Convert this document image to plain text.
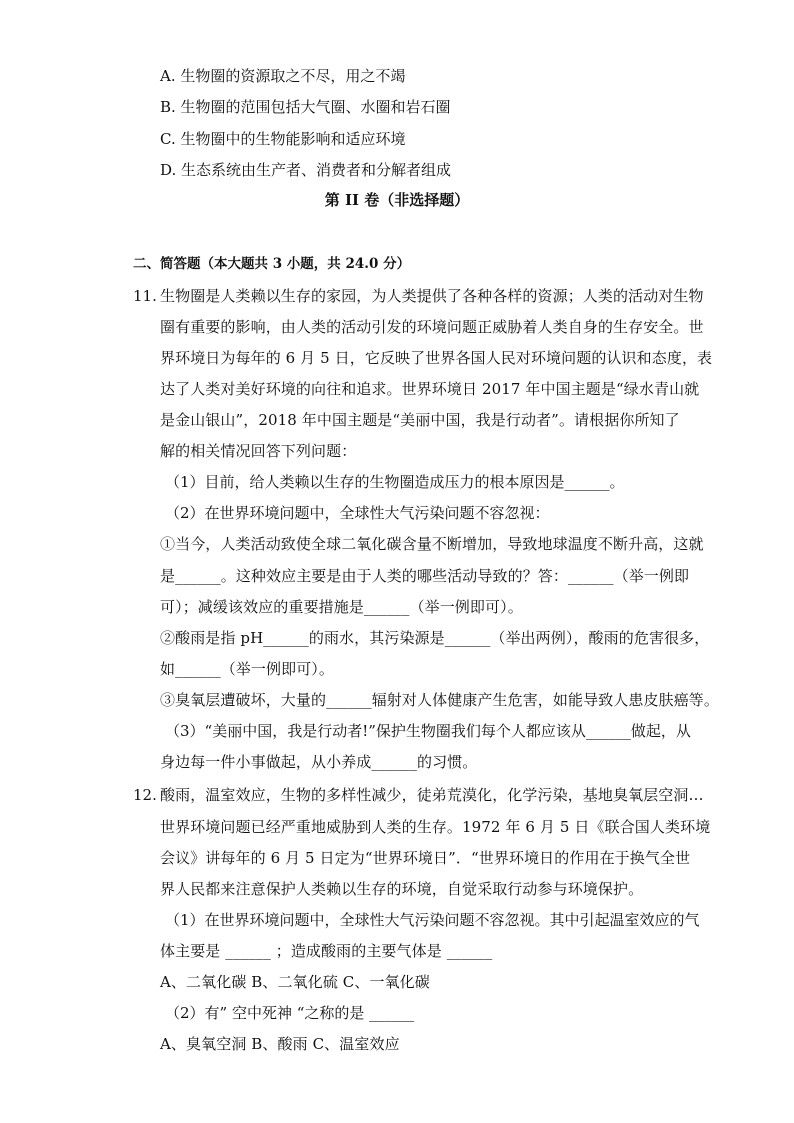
A. 生物圈的资源取之不尽，用之不竭
B. 生物圈的范围包括大气圈、水圈和岩石圈
C. 生物圈中的生物能影响和适应环境
D. 生态系统由生产者、消费者和分解者组成
第 II 卷（非选择题）
二、简答题（本大题共 3 小题，共 24.0 分）
11. 生物圈是人类赖以生存的家园，为人类提供了各种各样的资源；人类的活动对生物
圈有重要的影响，由人类的活动引发的环境问题正威胁着人类自身的生存安全。世
界环境日为每年的 6 月 5 日，它反映了世界各国人民对环境问题的认识和态度，表
达了人类对美好环境的向往和追求。世界环境日 2017 年中国主题是“绿水青山就
是金山银山”，2018 年中国主题是“美丽中国，我是行动者”。请根据你所知了
解的相关情况回答下列问题：
（1）目前，给人类赖以生存的生物圈造成压力的根本原因是______。
（2）在世界环境问题中，全球性大气污染问题不容忽视：
①当今，人类活动致使全球二氧化碳含量不断增加，导致地球温度不断升高，这就
是______。这种效应主要是由于人类的哪些活动导致的？答：______（举一例即
可）；减缓该效应的重要措施是______（举一例即可）。
②酸雨是指 pH______的雨水，其污染源是______（举出两例），酸雨的危害很多，
如______（举一例即可）。
③臭氧层遭破坏，大量的______辐射对人体健康产生危害，如能导致人患皮肤癌等。
（3）“美丽中国，我是行动者!”保护生物圈我们每个人都应该从______做起，从
身边每一件小事做起，从小养成______的习惯。
12. 酸雨，温室效应，生物的多样性减少，徒弟荒漠化，化学污染，基地臭氧层空洞…
世界环境问题已经严重地威胁到人类的生存。1972 年 6 月 5 日《联合国人类环境
会议》讲每年的 6 月 5 日定为“世界环境日”．“世界环境日的作用在于换气全世
界人民都来注意保护人类赖以生存的环境，自觉采取行动参与环境保护。
（1）在世界环境问题中，全球性大气污染问题不容忽视。其中引起温室效应的气
体主要是 ______ ；造成酸雨的主要气体是 ______
A、二氧化碳 B、二氧化硫 C、一氧化碳
（2）有” 空中死神 “之称的是 ______
A、臭氧空洞 B、酸雨 C、温室效应
